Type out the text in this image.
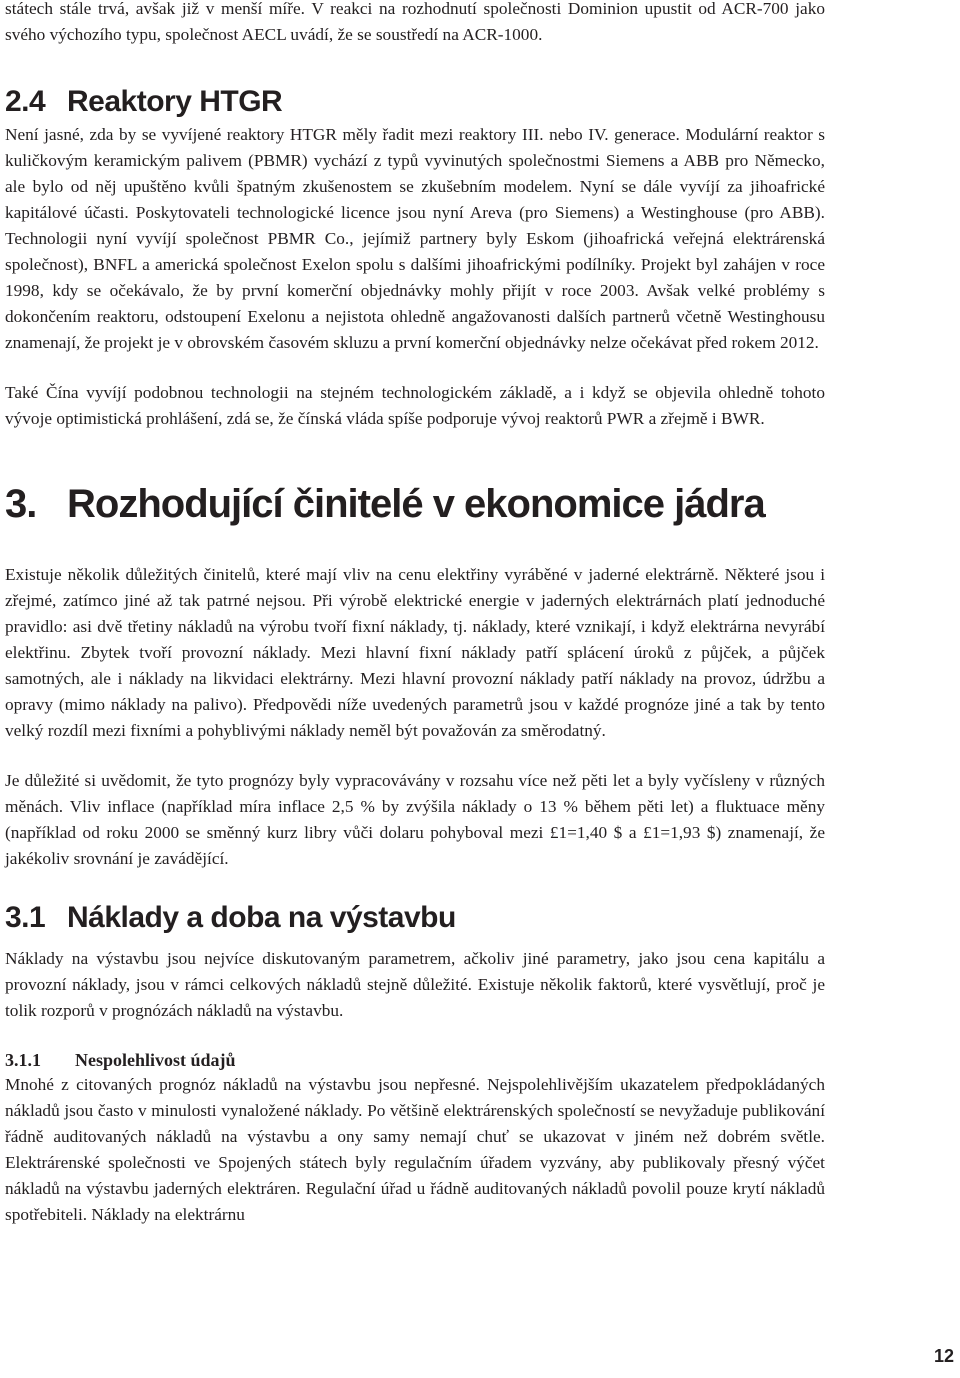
státech stále trvá, avšak již v menší míře. V reakci na rozhodnutí společnosti Dominion upustit od ACR-700 jako svého výchozího typu, společnost AECL uvádí, že se soustředí na ACR-1000.

2.4 Reaktory HTGR

Není jasné, zda by se vyvíjené reaktory HTGR měly řadit mezi reaktory III. nebo IV. generace. Modulární reaktor s kuličkovým keramickým palivem (PBMR) vychází z typů vyvinutých společnostmi Siemens a ABB pro Německo, ale bylo od něj upuštěno kvůli špatným zkušenostem se zkušebním modelem. Nyní se dále vyvíjí za jihoafrické kapitálové účasti. Poskytovateli technologické licence jsou nyní Areva (pro Siemens) a Westinghouse (pro ABB). Technologii nyní vyvíjí společnost PBMR Co., jejímiž partnery byly Eskom (jihoafrická veřejná elektrárenská společnost), BNFL a americká společnost Exelon spolu s dalšími jihoafrickými podílníky. Projekt byl zahájen v roce 1998, kdy se očekávalo, že by první komerční objednávky mohly přijít v roce 2003. Avšak velké problémy s dokončením reaktoru, odstoupení Exelonu a nejistota ohledně angažovanosti dalších partnerů včetně Westinghousu znamenají, že projekt je v obrovském časovém skluzu a první komerční objednávky nelze očekávat před rokem 2012.

Také Čína vyvíjí podobnou technologii na stejném technologickém základě, a i když se objevila ohledně tohoto vývoje optimistická prohlášení, zdá se, že čínská vláda spíše podporuje vývoj reaktorů PWR a zřejmě i BWR.

3. Rozhodující činitelé v ekonomice jádra

Existuje několik důležitých činitelů, které mají vliv na cenu elektřiny vyráběné v jaderné elektrárně. Některé jsou i zřejmé, zatímco jiné až tak patrné nejsou. Při výrobě elektrické energie v jaderných elektrárnách platí jednoduché pravidlo: asi dvě třetiny nákladů na výrobu tvoří fixní náklady, tj. náklady, které vznikají, i když elektrárna nevyrábí elektřinu. Zbytek tvoří provozní náklady. Mezi hlavní fixní náklady patří splácení úroků z půjček, a půjček samotných, ale i náklady na likvidaci elektrárny. Mezi hlavní provozní náklady patří náklady na provoz, údržbu a opravy (mimo náklady na palivo). Předpovědi níže uvedených parametrů jsou v každé prognóze jiné a tak by tento velký rozdíl mezi fixními a pohyblivými náklady neměl být považován za směrodatný.

Je důležité si uvědomit, že tyto prognózy byly vypracovávány v rozsahu více než pěti let a byly vyčísleny v různých měnách. Vliv inflace (například míra inflace 2,5 % by zvýšila náklady o 13 % během pěti let) a fluktuace měny (například od roku 2000 se směnný kurz libry vůči dolaru pohyboval mezi £1=1,40 $ a £1=1,93 $) znamenají, že jakékoliv srovnání je zavádějící.

3.1 Náklady a doba na výstavbu

Náklady na výstavbu jsou nejvíce diskutovaným parametrem, ačkoliv jiné parametry, jako jsou cena kapitálu a provozní náklady, jsou v rámci celkových nákladů stejně důležité. Existuje několik faktorů, které vysvětlují, proč je tolik rozporů v prognózách nákladů na výstavbu.

3.1.1 Nespolehlivost údajů

Mnohé z citovaných prognóz nákladů na výstavbu jsou nepřesné. Nejspolehlivějším ukazatelem předpokládaných nákladů jsou často v minulosti vynaložené náklady. Po většině elektrárenských společností se nevyžaduje publikování řádně auditovaných nákladů na výstavbu a ony samy nemají chuť se ukazovat v jiném než dobrém světle. Elektrárenské společnosti ve Spojených státech byly regulačním úřadem vyzvány, aby publikovaly přesný výčet nákladů na výstavbu jaderných elektráren. Regulační úřad u řádně auditovaných nákladů povolil pouze krytí nákladů spotřebiteli. Náklady na elektrárnu

12
